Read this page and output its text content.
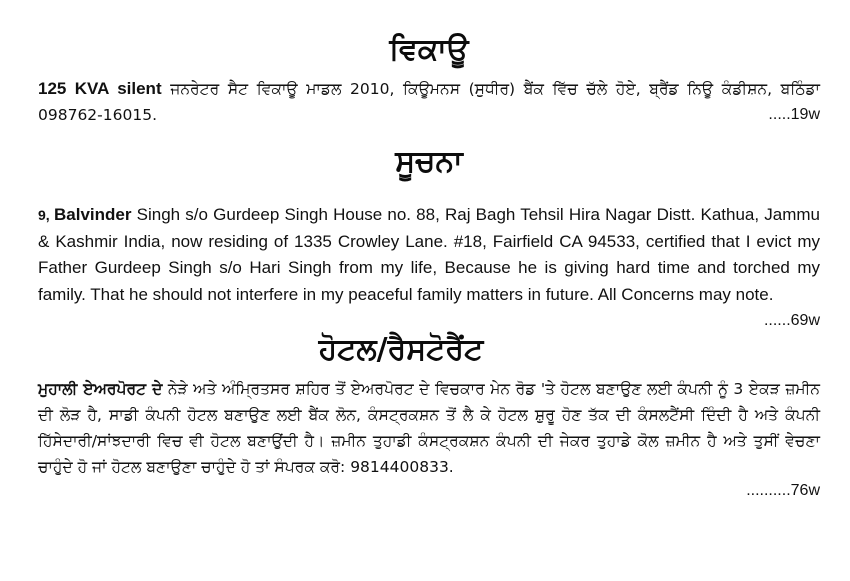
ਵਿਕਾਊ

125 KVA silent ਜਨਰੇਟਰ ਸੈਟ ਵਿਕਾਊ ਮਾਡਲ 2010, ਕਿਊਮਨਸ (ਸੁਧੀਰ) ਬੈਂਕ ਵਿੱਚ ਚੱਲੇ ਹੋਏ, ਬ੍ਰੈਂਡ ਨਿਊ ਕੰਡੀਸ਼ਨ, ਬਠਿੰਡਾ 098762-16015.	.....19w

ਸੂਚਨਾ

9, Balvinder Singh s/o Gurdeep Singh House no. 88, Raj Bagh Tehsil Hira Nagar Distt. Kathua, Jammu & Kashmir India, now residing of 1335 Crowley Lane. #18, Fairfield CA 94533, certified that I evict my Father Gurdeep Singh s/o Hari Singh from my life, Because he is giving hard time and torched my family. That he should not interfere in my peaceful family matters in future. All Concerns may note.
......69w

ਹੋਟਲ/ਰੈਸਟੋਰੈਂਟ

ਮੁਹਾਲੀ ਏਅਰਪੋਰਟ ਦੇ ਨੇੜੇ ਅਤੇ ਅੰਮ੍ਰਿਤਸਰ ਸ਼ਹਿਰ ਤੋਂ ਏਅਰਪੋਰਟ ਦੇ ਵਿਚਕਾਰ ਮੇਨ ਰੋਡ 'ਤੇ ਹੋਟਲ ਬਣਾਉਣ ਲਈ ਕੰਪਨੀ ਨੂੰ 3 ਏਕੜ ਜ਼ਮੀਨ ਦੀ ਲੋੜ ਹੈ, ਸਾਡੀ ਕੰਪਨੀ ਹੋਟਲ ਬਣਾਉਣ ਲਈ ਬੈਂਕ ਲੋਨ, ਕੰਸਟ੍ਰਕਸ਼ਨ ਤੋਂ ਲੈ ਕੇ ਹੋਟਲ ਸ਼ੁਰੂ ਹੋਣ ਤੱਕ ਦੀ ਕੰਸਲਟੈਂਸੀ ਦਿੰਦੀ ਹੈ ਅਤੇ ਕੰਪਨੀ ਹਿੱਸੇਦਾਰੀ/ਸਾਂਝਦਾਰੀ ਵਿਚ ਵੀ ਹੋਟਲ ਬਣਾਉਂਦੀ ਹੈ। ਜ਼ਮੀਨ ਤੁਹਾਡੀ ਕੰਸਟ੍ਰਕਸ਼ਨ ਕੰਪਨੀ ਦੀ ਜੇਕਰ ਤੁਹਾਡੇ ਕੋਲ ਜ਼ਮੀਨ ਹੈ ਅਤੇ ਤੁਸੀਂ ਵੇਚਣਾ ਚਾਹੁੰਦੇ ਹੋ ਜਾਂ ਹੋਟਲ ਬਣਾਉਣਾ ਚਾਹੁੰਦੇ ਹੋ ਤਾਂ ਸੰਪਰਕ ਕਰੋ: 9814400833.

..........76w
